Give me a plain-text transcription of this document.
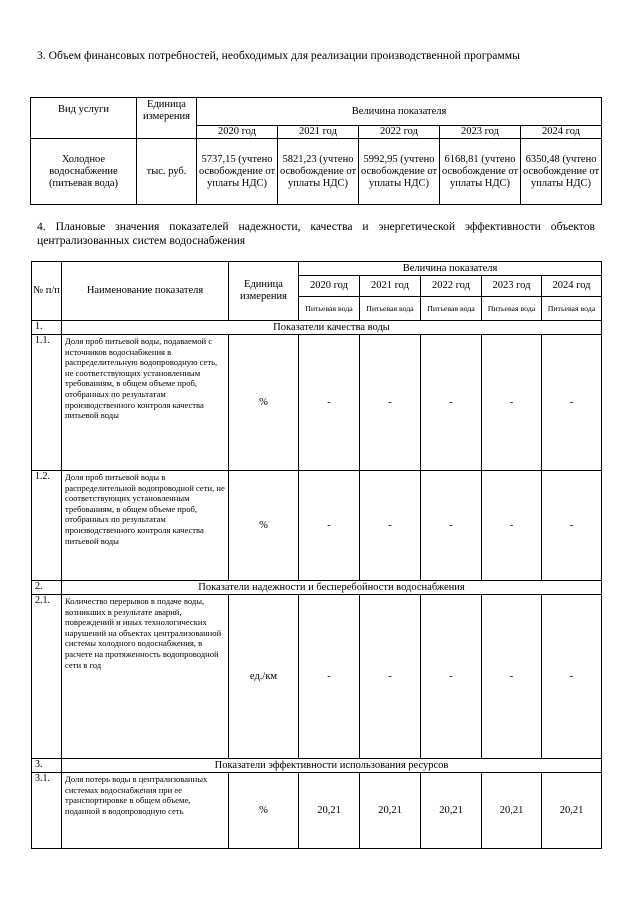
3. Объем финансовых потребностей, необходимых для реализации производственной программы

Вид услуги	Единица измерения	Величина показателя				
		2020 год	2021 год	2022 год	2023 год	2024 год
Холодное водоснабжение (питьевая вода)	тыс. руб.	5737,15 (учтено освобождение от уплаты НДС)	5821,23 (учтено освобождение от уплаты НДС)	5992,95 (учтено освобождение от уплаты НДС)	6168,81 (учтено освобождение от уплаты НДС)	6350,48 (учтено освобождение от уплаты НДС)

4. Плановые значения показателей надежности, качества и энергетической эффективности объектов централизованных систем водоснабжения

№ п/п	Наименование показателя	Единица измерения	Величина показателя				
			2020 год	2021 год	2022 год	2023 год	2024 год
			Питьевая вода	Питьевая вода	Питьевая вода	Питьевая вода	Питьевая вода
1.	Показатели качества воды						
1.1.	Доля проб питьевой воды, подаваемой с источников водоснабжения в распределительную водопроводную сеть, не соответствующих установленным требованиям, в общем объеме проб, отобранных по результатам производственного контроля качества питьевой воды	%	-	-	-	-	-
1.2.	Доля проб питьевой воды в распределительной водопроводной сети, не соответствующих установленным требованиям, в общем объеме проб, отобранных по результатам производственного контроля качества питьевой воды	%	-	-	-	-	-
2.	Показатели надежности и бесперебойности водоснабжения						
2.1.	Количество перерывов в подаче воды, возникших в результате аварий, повреждений и иных технологических нарушений на объектах централизованной системы холодного водоснабжения, в расчете на протяженность водопроводной сети в год	ед./км	-	-	-	-	-
3.	Показатели эффективности использования ресурсов						
3.1.	Доля потерь воды в централизованных системах водоснабжения при ее транспортировке в общем объеме, поданной в водопроводную сеть	%	20,21	20,21	20,21	20,21	20,21
